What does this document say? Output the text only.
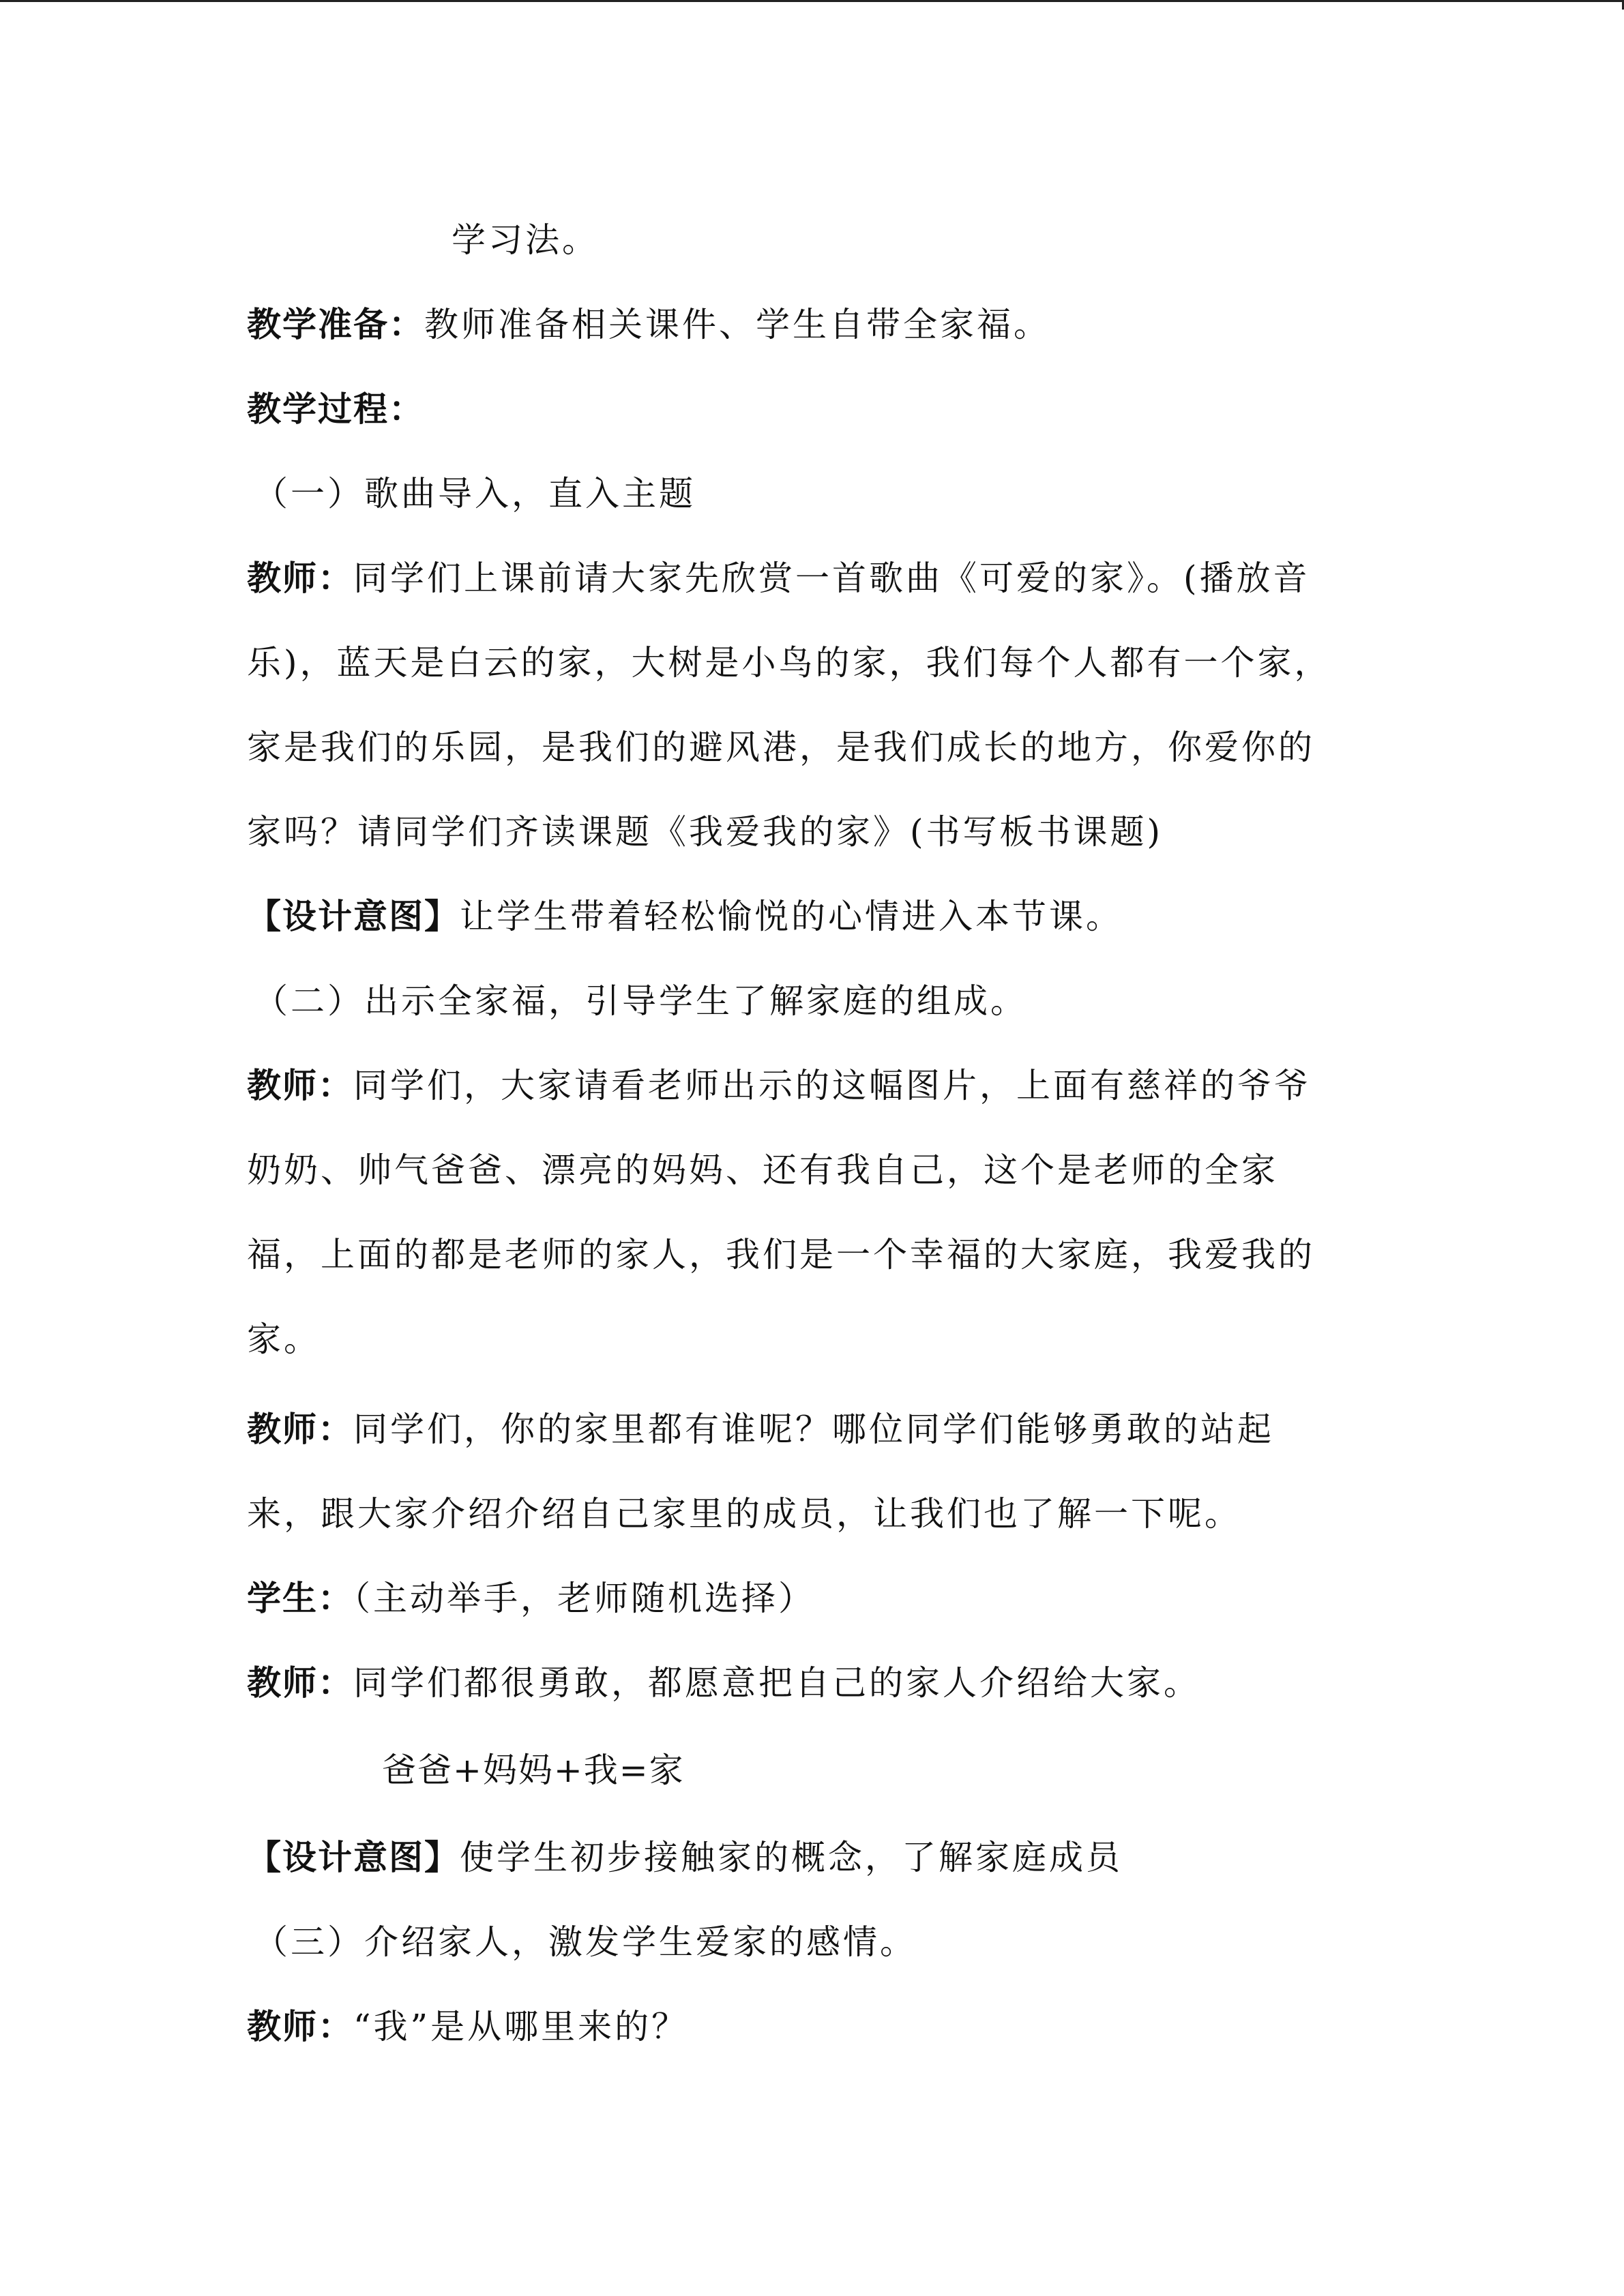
学习法。
教学准备：教师准备相关课件、学生自带全家福。
教学过程：
（一）歌曲导入，直入主题
教师：同学们上课前请大家先欣赏一首歌曲《可爱的家》。(播放音
乐)，蓝天是白云的家，大树是小鸟的家，我们每个人都有一个家，
家是我们的乐园，是我们的避风港，是我们成长的地方，你爱你的
家吗？请同学们齐读课题《我爱我的家》(书写板书课题)
【设计意图】让学生带着轻松愉悦的心情进入本节课。
（二）出示全家福，引导学生了解家庭的组成。
教师：同学们，大家请看老师出示的这幅图片，上面有慈祥的爷爷
奶奶、帅气爸爸、漂亮的妈妈、还有我自己，这个是老师的全家
福，上面的都是老师的家人，我们是一个幸福的大家庭，我爱我的
家。
教师：同学们，你的家里都有谁呢？哪位同学们能够勇敢的站起
来，跟大家介绍介绍自己家里的成员，让我们也了解一下呢。
学生：（主动举手，老师随机选择）
教师：同学们都很勇敢，都愿意把自己的家人介绍给大家。
爸爸+妈妈+我=家
【设计意图】使学生初步接触家的概念，了解家庭成员
（三）介绍家人，激发学生爱家的感情。
教师：“我”是从哪里来的？
